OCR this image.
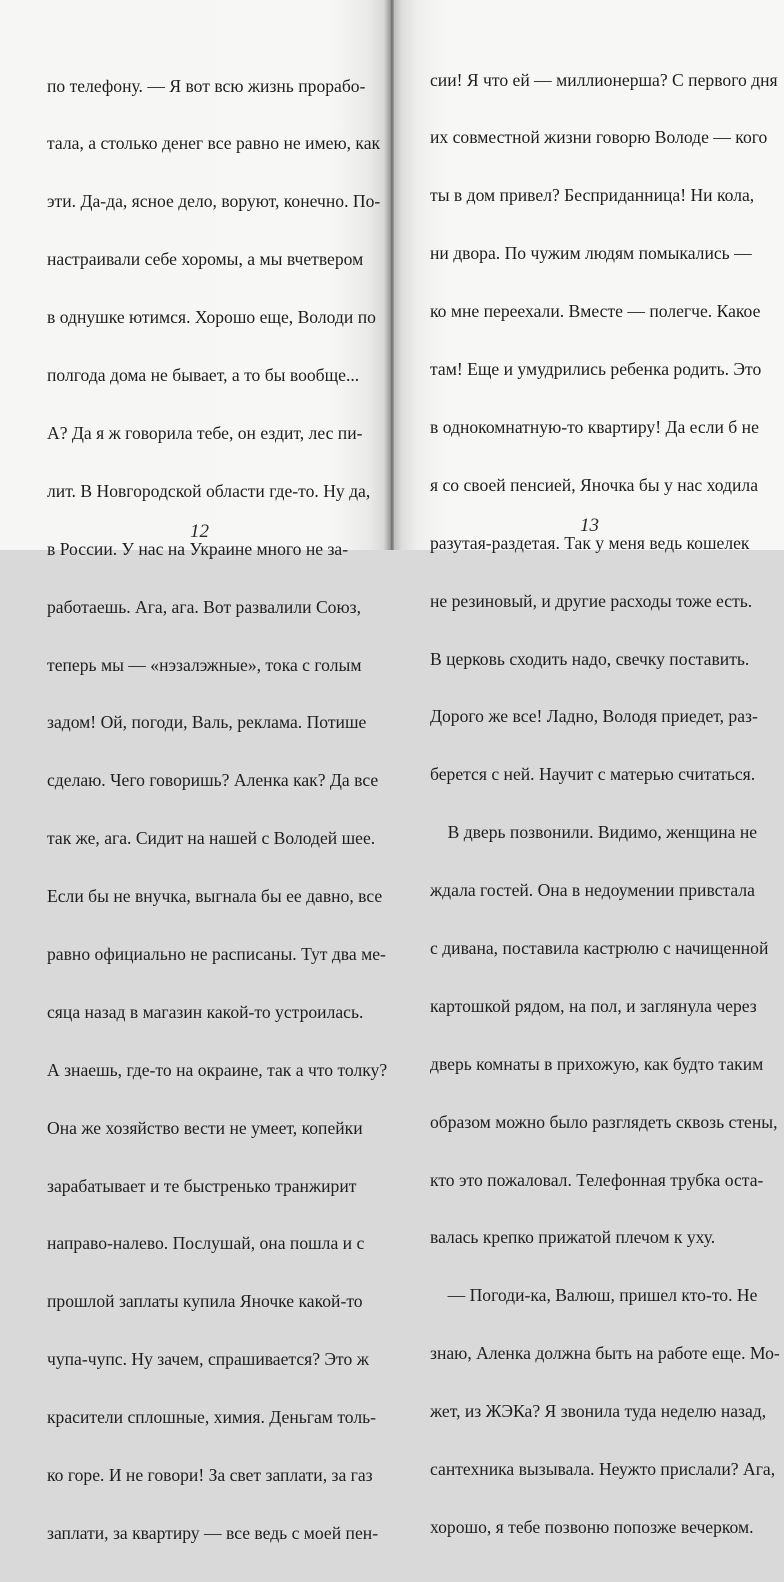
по телефону. — Я вот всю жизнь прорабо-

тала, а столько денег все равно не имею, как

эти. Да-да, ясное дело, воруют, конечно. По-

настраивали себе хоромы, а мы вчетвером

в однушке ютимся. Хорошо еще, Володи по

полгода дома не бывает, а то бы вообще...

А? Да я ж говорила тебе, он ездит, лес пи-

лит. В Новгородской области где-то. Ну да,

в России. У нас на Украине много не за-

работаешь. Ага, ага. Вот развалили Союз,

теперь мы — «нэзалэжные», тока с голым

задом! Ой, погоди, Валь, реклама. Потише

сделаю. Чего говоришь? Аленка как? Да все

так же, ага. Сидит на нашей с Володей шее.

Если бы не внучка, выгнала бы ее давно, все

равно официально не расписаны. Тут два ме-

сяца назад в магазин какой-то устроилась.

А знаешь, где-то на окраине, так а что толку?

Она же хозяйство вести не умеет, копейки

зарабатывает и те быстренько транжирит

направо-налево. Послушай, она пошла и с

прошлой заплаты купила Яночке какой-то

чупа-чупс. Ну зачем, спрашивается? Это ж

красители сплошные, химия. Деньгам толь-

ко горе. И не говори! За свет заплати, за газ

заплати, за квартиру — все ведь с моей пен-

12

сии! Я что ей — миллионерша? С первого дня

их совместной жизни говорю Володе — кого

ты в дом привел? Бесприданница! Ни кола,

ни двора. По чужим людям помыкались —

ко мне переехали. Вместе — полегче. Какое

там! Еще и умудрились ребенка родить. Это

в однокомнатную-то квартиру! Да если б не

я со своей пенсией, Яночка бы у нас ходила

разутая-раздетая. Так у меня ведь кошелек

не резиновый, и другие расходы тоже есть.

В церковь сходить надо, свечку поставить.

Дорого же все! Ладно, Володя приедет, раз-

берется с ней. Научит с матерью считаться.

В дверь позвонили. Видимо, женщина не

ждала гостей. Она в недоумении привстала

с дивана, поставила кастрюлю с начищенной

картошкой рядом, на пол, и заглянула через

дверь комнаты в прихожую, как будто таким

образом можно было разглядеть сквозь стены,

кто это пожаловал. Телефонная трубка оста-

валась крепко прижатой плечом к уху.

— Погоди-ка, Валюш, пришел кто-то. Не

знаю, Аленка должна быть на работе еще. Мо-

жет, из ЖЭКа? Я звонила туда неделю назад,

сантехника вызывала. Неужто прислали? Ага,

хорошо, я тебе позвоню попозже вечерком.

13
